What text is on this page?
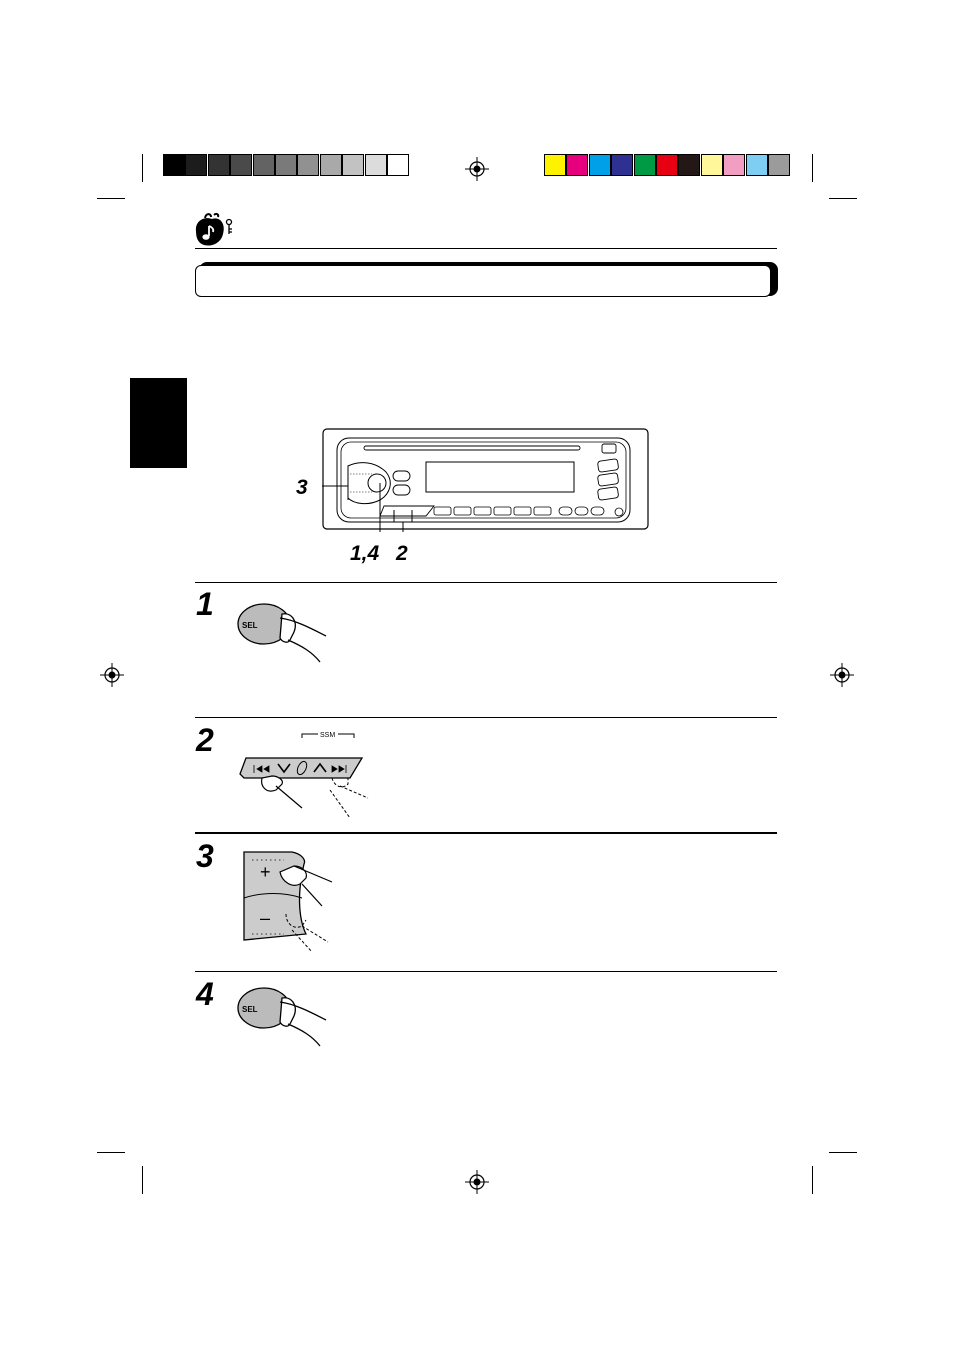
3
1,4 2
1
SEL
2	SSM
3	+
–
4	SEL
